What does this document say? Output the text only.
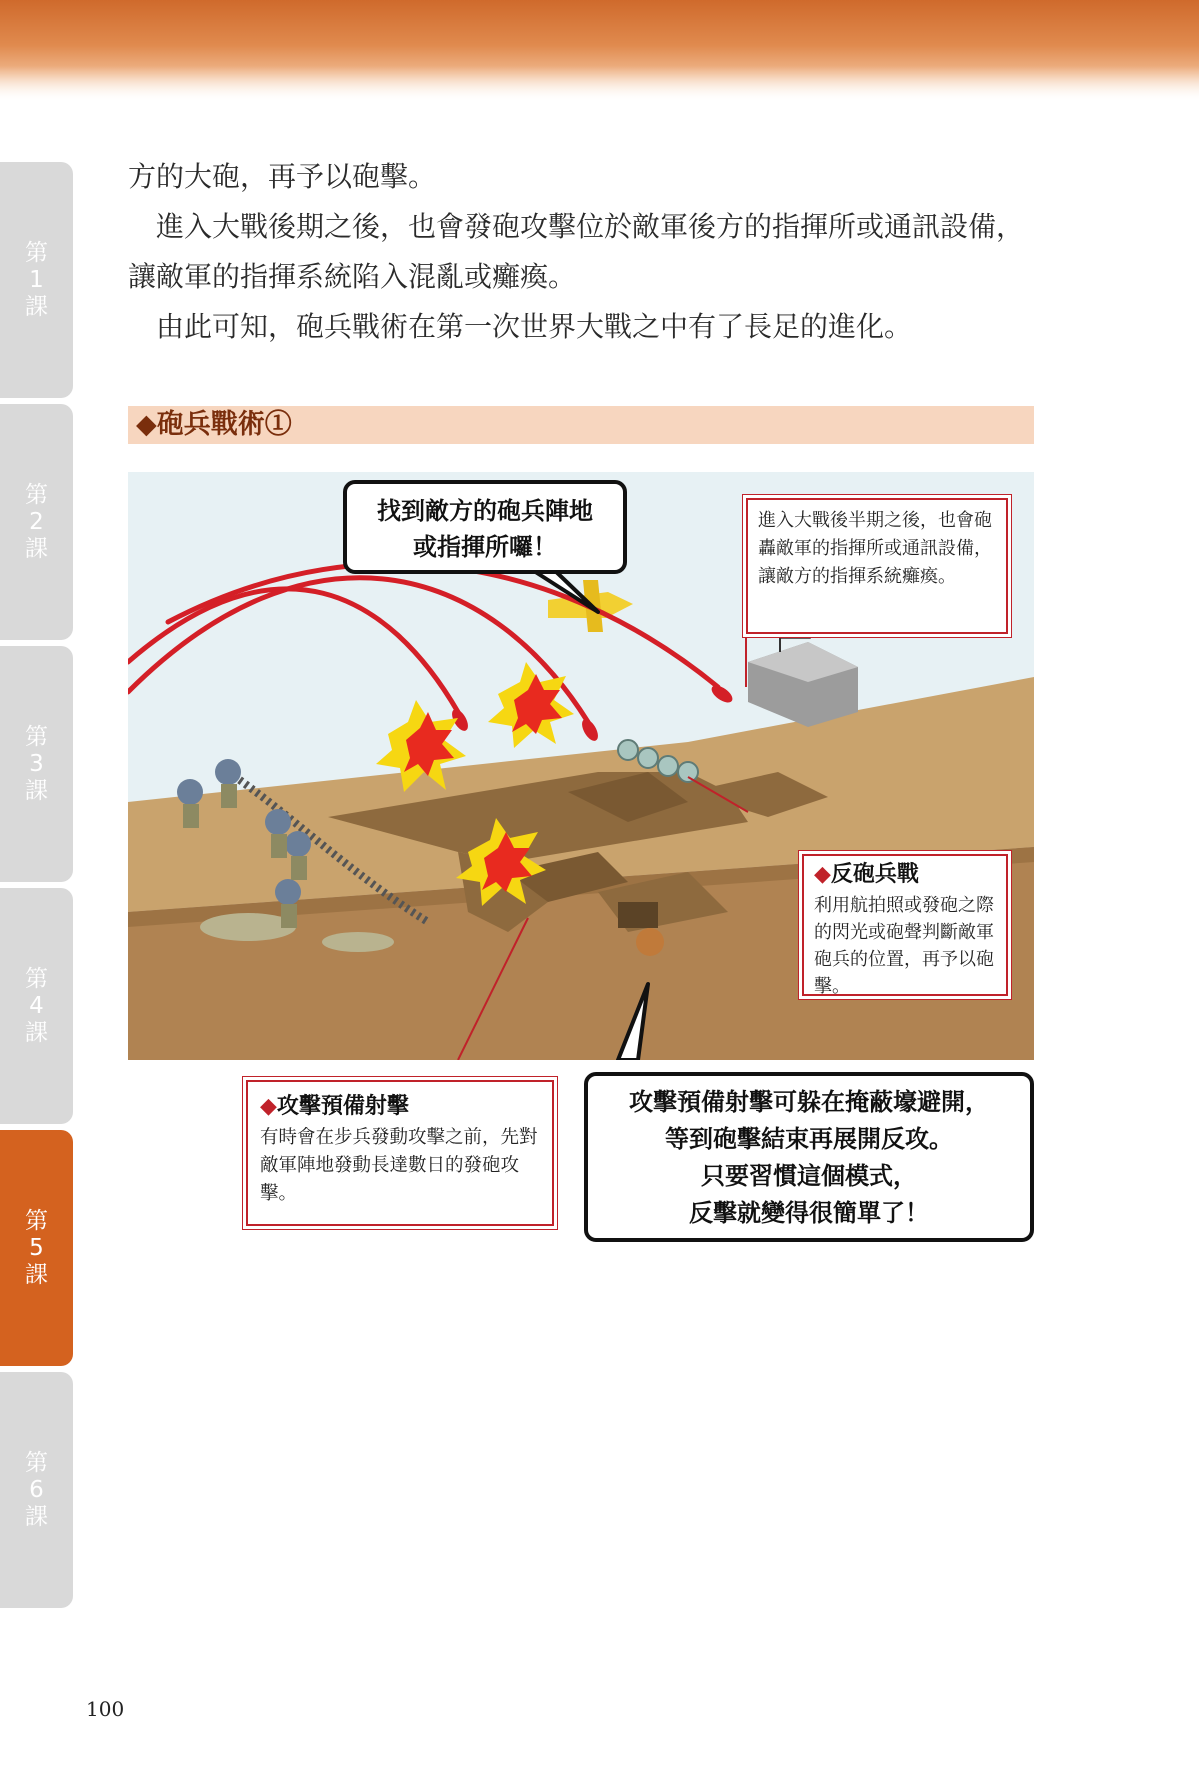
第
1
課
第
2
課
第
3
課
第
4
課
第
5
課
第
6
課

方的大砲，再予以砲擊。

　進入大戰後期之後，也會發砲攻擊位於敵軍後方的指揮所或通訊設備，讓敵軍的指揮系統陷入混亂或癱瘓。

　由此可知，砲兵戰術在第一次世界大戰之中有了長足的進化。

◆砲兵戰術①
找到敵方的砲兵陣地
或指揮所囉！

進入大戰後半期之後，也會砲轟敵軍的指揮所或通訊設備，讓敵方的指揮系統癱瘓。

◆反砲兵戰

利用航拍照或發砲之際的閃光或砲聲判斷敵軍砲兵的位置，再予以砲擊。

◆攻擊預備射擊

有時會在步兵發動攻擊之前，先對敵軍陣地發動長達數日的發砲攻擊。

攻擊預備射擊可躲在掩蔽壕避開，
等到砲擊結束再展開反攻。
只要習慣這個模式，
反擊就變得很簡單了！
100
